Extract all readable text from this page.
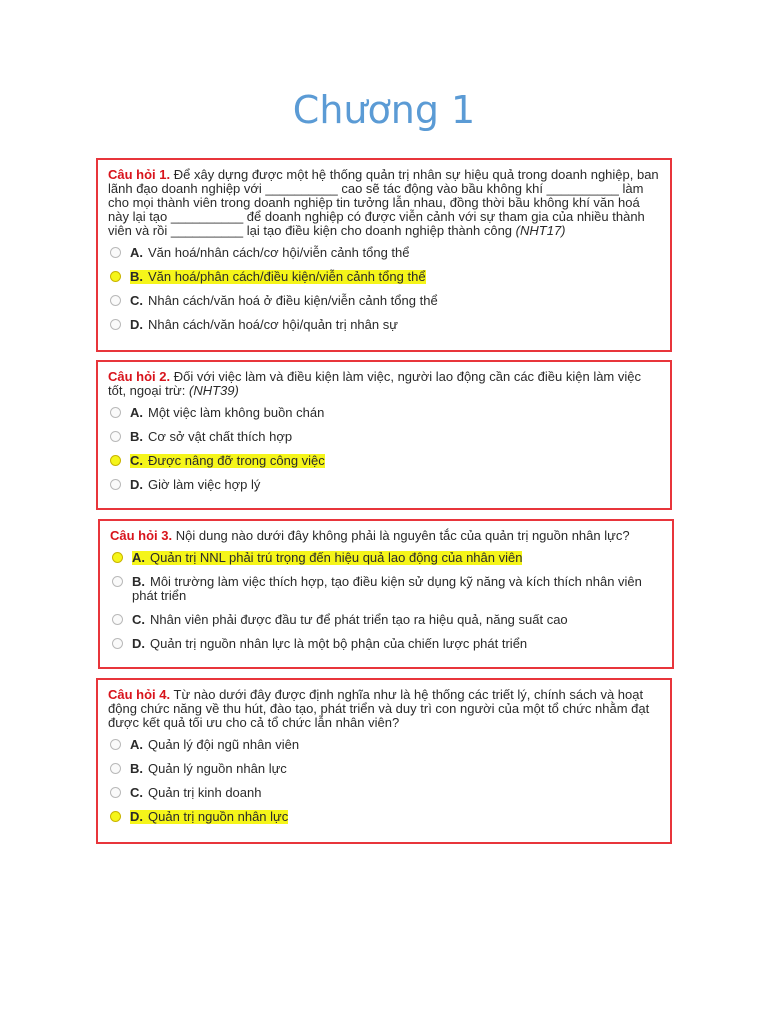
Chương 1

Câu hỏi 1. Để xây dựng được một hệ thống quản trị nhân sự hiệu quả trong doanh nghiệp, ban lãnh đạo doanh nghiệp với __________ cao sẽ tác động vào bầu không khí __________ làm cho mọi thành viên trong doanh nghiệp tin tưởng lẫn nhau, đồng thời bầu không khí văn hoá này lại tạo __________ để doanh nghiệp có được viễn cảnh với sự tham gia của nhiều thành viên và rồi __________ lại tạo điều kiện cho doanh nghiệp thành công (NHT17)

A. Văn hoá/nhân cách/cơ hội/viễn cảnh tổng thể
B. Văn hoá/phân cách/điều kiện/viễn cảnh tổng thể
C. Nhân cách/văn hoá ở điều kiện/viễn cảnh tổng thể
D. Nhân cách/văn hoá/cơ hội/quản trị nhân sự

Câu hỏi 2. Đối với việc làm và điều kiện làm việc, người lao động cần các điều kiện làm việc tốt, ngoại trừ: (NHT39)

A. Một việc làm không buồn chán
B. Cơ sở vật chất thích hợp
C. Được nâng đỡ trong công việc
D. Giờ làm việc hợp lý

Câu hỏi 3. Nội dung nào dưới đây không phải là nguyên tắc của quản trị nguồn nhân lực?

A. Quản trị NNL phải trú trọng đến hiệu quả lao động của nhân viên
B. Môi trường làm việc thích hợp, tạo điều kiện sử dụng kỹ năng và kích thích nhân viên phát triển
C. Nhân viên phải được đầu tư để phát triển tạo ra hiệu quả, năng suất cao
D. Quản trị nguồn nhân lực là một bộ phận của chiến lược phát triển

Câu hỏi 4. Từ nào dưới đây được định nghĩa như là hệ thống các triết lý, chính sách và hoạt động chức năng về thu hút, đào tạo, phát triển và duy trì con người của một tổ chức nhằm đạt được kết quả tối ưu cho cả tổ chức lẫn nhân viên?

A. Quản lý đội ngũ nhân viên
B. Quản lý nguồn nhân lực
C. Quản trị kinh doanh
D. Quản trị nguồn nhân lực
